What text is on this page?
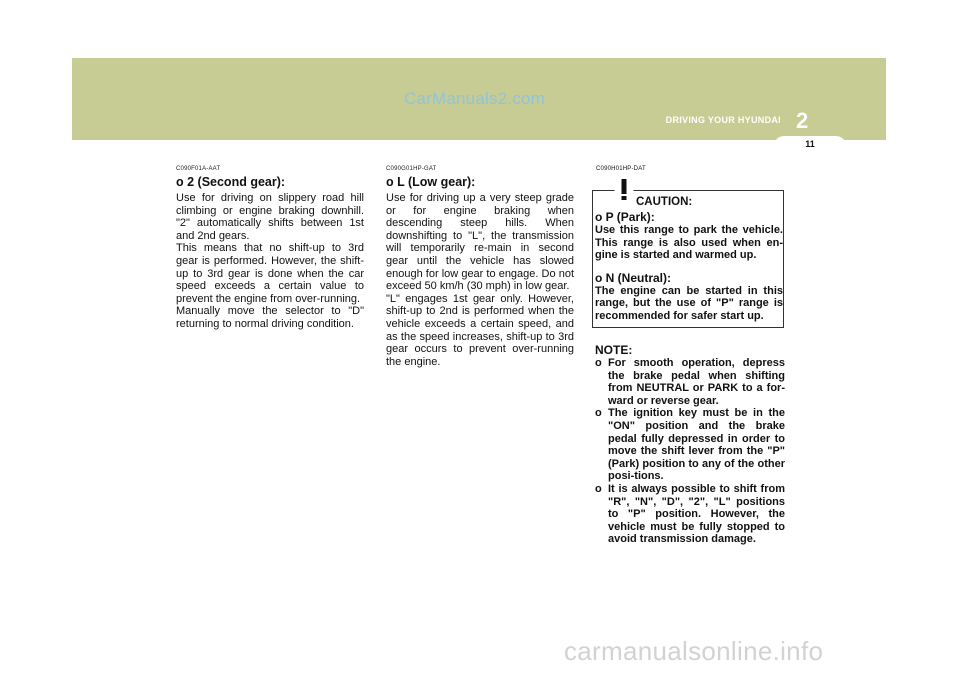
CarManuals2.com
DRIVING YOUR HYUNDAI 2
11
C090F01A-AAT
o 2 (Second gear):

Use for driving on slippery road hill climbing or engine braking downhill. "2" automatically shifts between 1st and 2nd gears.

This means that no shift-up to 3rd gear is performed. However, the shift-up to 3rd gear is done when the car speed exceeds a certain value to prevent the engine from over-running.

Manually move the selector to "D" returning to normal driving condition.

C090G01HP-GAT
o L (Low gear):

Use for driving up a very steep grade or for engine braking when descending steep hills. When downshifting to "L", the transmission will temporarily re-main in second gear until the vehicle has slowed enough for low gear to engage. Do not exceed 50 km/h (30 mph) in low gear.

"L" engages 1st gear only. However, shift-up to 2nd is performed when the vehicle exceeds a certain speed, and as the speed increases, shift-up to 3rd gear occurs to prevent over-running the engine.

C090H01HP-DAT
CAUTION:
o P (Park):

Use this range to park the vehicle. This range is also used when en-gine is started and warmed up.

o N (Neutral):

The engine can be started in this range, but the use of "P" range is recommended for safer start up.

NOTE:
o For smooth operation, depress the brake pedal when shifting from NEUTRAL or PARK to a for-ward or reverse gear.
o The ignition key must be in the "ON" position and the brake pedal fully depressed in order to move the shift lever from the "P" (Park) position to any of the other posi-tions.
o It is always possible to shift from "R", "N", "D", "2", "L" positions to "P" position. However, the vehicle must be fully stopped to avoid transmission damage.
carmanualsonline.info
